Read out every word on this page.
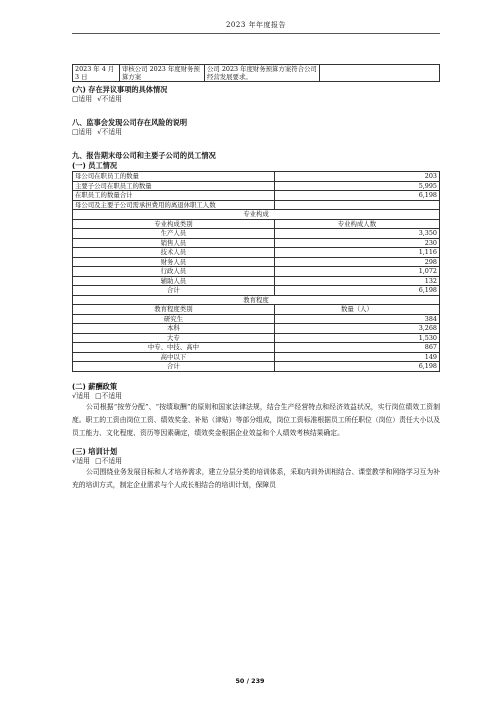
2023 年年度报告
2023 年 4 月 3 日	审核公司 2023 年度财务预算方案	公司 2023 年度财务预算方案符合公司经营发展要求。	
(六) 存在异议事项的具体情况
□适用 √不适用
八、监事会发现公司存在风险的说明
□适用 √不适用
九、报告期末母公司和主要子公司的员工情况
(一) 员工情况
母公司在职员工的数量	203
主要子公司在职员工的数量	5,995
在职员工的数量合计	6,198
母公司及主要子公司需承担费用的离退休职工人数	
专业构成	
专业构成类别	专业构成人数
生产人员	3,350
销售人员	230
技术人员	1,116
财务人员	298
行政人员	1,072
辅助人员	132
合计	6,198
教育程度	
教育程度类别	数量（人）
研究生	384
本科	3,268
大专	1,530
中专、中技、高中	867
高中以下	149
合计	6,198
(二) 薪酬政策
√适用 □不适用

公司根据“按劳分配”、“按绩取酬”的原则和国家法律法规，结合生产经营特点和经济效益状况，实行岗位绩效工资制度。职工的工资由岗位工资、绩效奖金、补贴（津贴）等部分组成，岗位工资标准根据员工所任职位（岗位）责任大小以及员工能力、文化程度、资历等因素确定，绩效奖金根据企业效益和个人绩效考核结果确定。

(三) 培训计划
√适用 □不适用

公司围绕业务发展目标和人才培养需求，建立分层分类的培训体系，采取内训外训相结合、课堂教学和网络学习互为补充的培训方式，制定企业需求与个人成长相结合的培训计划，保障员

50 / 239
